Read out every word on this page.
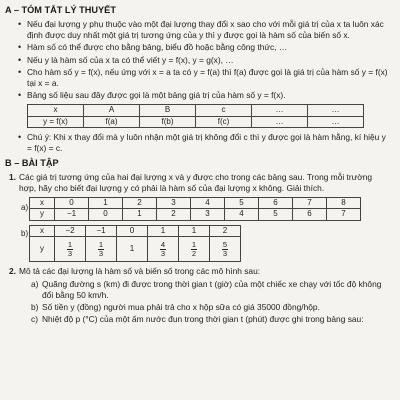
A – TÓM TẮT LÝ THUYẾT
• Nếu đại lượng y phụ thuộc vào một đại lượng thay đổi x sao cho với mỗi giá trị của x ta luôn xác định được duy nhất một giá trị tương ứng của y thì y được gọi là hàm số của biến số x.
• Hàm số có thể được cho bằng bảng, biểu đồ hoặc bằng công thức, …
• Nếu y là hàm số của x ta có thể viết y = f(x), y = g(x), …
• Cho hàm số y = f(x), nếu ứng với x = a ta có y = f(a) thì f(a) được gọi là giá trị của hàm số y = f(x) tại x = a.
• Bảng số liệu sau đây được gọi là một bảng giá trị của hàm số y = f(x).
x	A	B	c	…	…
y = f(x)	f(a)	f(b)	f(c)	…	…
• Chú ý: Khi x thay đổi mà y luôn nhận một giá trị không đổi c thì y được gọi là hàm hằng, kí hiệu y = f(x) = c.
B – BÀI TẬP
1. Các giá trị tương ứng của hai đại lượng x và y được cho trong các bảng sau. Trong mỗi trường hợp, hãy cho biết đại lượng y có phải là hàm số của đại lượng x không. Giải thích.
a)
x	0	1	2	3	4	5	6	7	8
y	−1	0	1	2	3	4	5	6	7
b) x	−2	−1	0	1	1	2
y	$\frac{1}{3}$	$\frac{1}{3}$	1	$\frac{4}{3}$	$\frac{1}{2}$	$\frac{5}{3}$
2. Mô tả các đại lượng là hàm số và biến số trong các mô hình sau:
a) Quãng đường s (km) đi được trong thời gian t (giờ) của một chiếc xe chạy với tốc độ không đổi bằng 50 km/h.
b) Số tiền y (đồng) người mua phải trả cho x hộp sữa có giá 35000 đồng/hộp.
c) Nhiệt độ p (°C) của một ấm nước đun trong thời gian t (phút) được ghi trong bảng sau:
